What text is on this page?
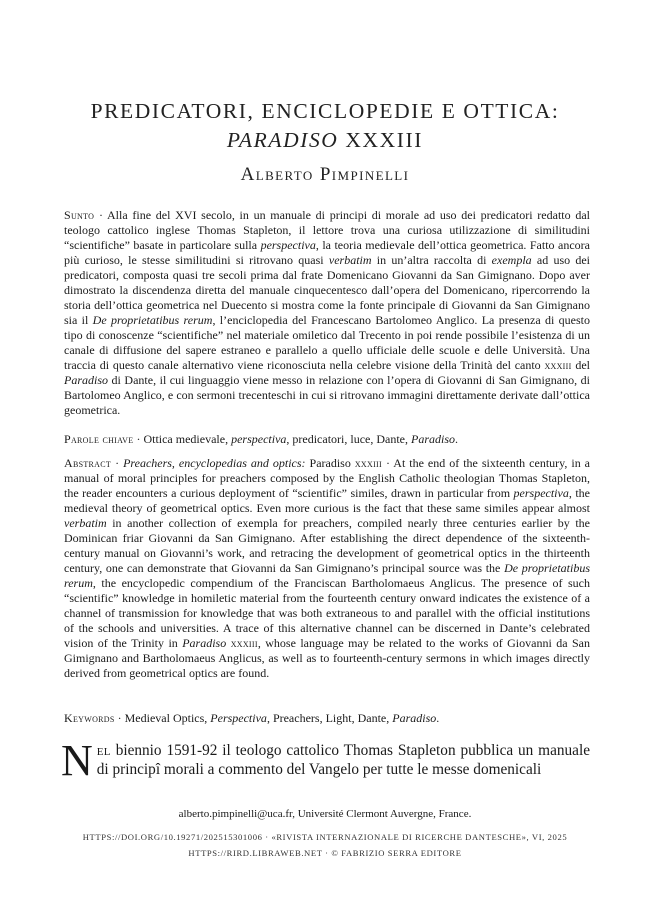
PREDICATORI, ENCICLOPEDIE E OTTICA:
PARADISO XXXIII
Alberto Pimpinelli
Sunto · Alla fine del XVI secolo, in un manuale di principi di morale ad uso dei predicatori redatto dal teologo cattolico inglese Thomas Stapleton, il lettore trova una curiosa utilizzazione di similitudini “scientifiche” basate in particolare sulla perspectiva, la teoria medievale dell’ottica geometrica. Fatto ancora più curioso, le stesse similitudini si ritrovano quasi verbatim in un’altra raccolta di exempla ad uso dei predicatori, composta quasi tre secoli prima dal frate Domenicano Giovanni da San Gimignano. Dopo aver dimostrato la discendenza diretta del manuale cinquecentesco dall’opera del Domenicano, ripercorrendo la storia dell’ottica geometrica nel Duecento si mostra come la fonte principale di Giovanni da San Gimignano sia il De proprietatibus rerum, l’enciclopedia del Francescano Bartolomeo Anglico. La presenza di questo tipo di conoscenze “scientifiche” nel materiale omiletico dal Trecento in poi rende possibile l’esistenza di un canale di diffusione del sapere estraneo e parallelo a quello ufficiale delle scuole e delle Università. Una traccia di questo canale alternativo viene riconosciuta nella celebre visione della Trinità del canto xxxiii del Paradiso di Dante, il cui linguaggio viene messo in relazione con l’opera di Giovanni di San Gimignano, di Bartolomeo Anglico, e con sermoni trecenteschi in cui si ritrovano immagini direttamente derivate dall’ottica geometrica.
Parole chiave · Ottica medievale, perspectiva, predicatori, luce, Dante, Paradiso.
Abstract · Preachers, encyclopedias and optics: Paradiso xxxiii · At the end of the sixteenth century, in a manual of moral principles for preachers composed by the English Catholic theologian Thomas Stapleton, the reader encounters a curious deployment of “scientific” similes, drawn in particular from perspectiva, the medieval theory of geometrical optics. Even more curious is the fact that these same similes appear almost verbatim in another collection of exempla for preachers, compiled nearly three centuries earlier by the Dominican friar Giovanni da San Gimignano. After establishing the direct dependence of the sixteenth-century manual on Giovanni’s work, and retracing the development of geometrical optics in the thirteenth century, one can demonstrate that Giovanni da San Gimignano’s principal source was the De proprietatibus rerum, the encyclopedic compendium of the Franciscan Bartholomaeus Anglicus. The presence of such “scientific” knowledge in homiletic material from the fourteenth century onward indicates the existence of a channel of transmission for knowledge that was both extraneous to and parallel with the official institutions of the schools and universities. A trace of this alternative channel can be discerned in Dante’s celebrated vision of the Trinity in Paradiso xxxiii, whose language may be related to the works of Giovanni da San Gimignano and Bartholomaeus Anglicus, as well as to fourteenth-century sermons in which images directly derived from geometrical optics are found.
Keywords · Medieval Optics, Perspectiva, Preachers, Light, Dante, Paradiso.
Nel biennio 1591-92 il teologo cattolico Thomas Stapleton pubblica un manuale di principî morali a commento del Vangelo per tutte le messe domenicali
alberto.pimpinelli@uca.fr, Université Clermont Auvergne, France.
HTTPS://DOI.ORG/10.19271/202515301006 · «RIVISTA INTERNAZIONALE DI RICERCHE DANTESCHE», VI, 2025
HTTPS://RIRD.LIBRAWEB.NET · © FABRIZIO SERRA EDITORE
